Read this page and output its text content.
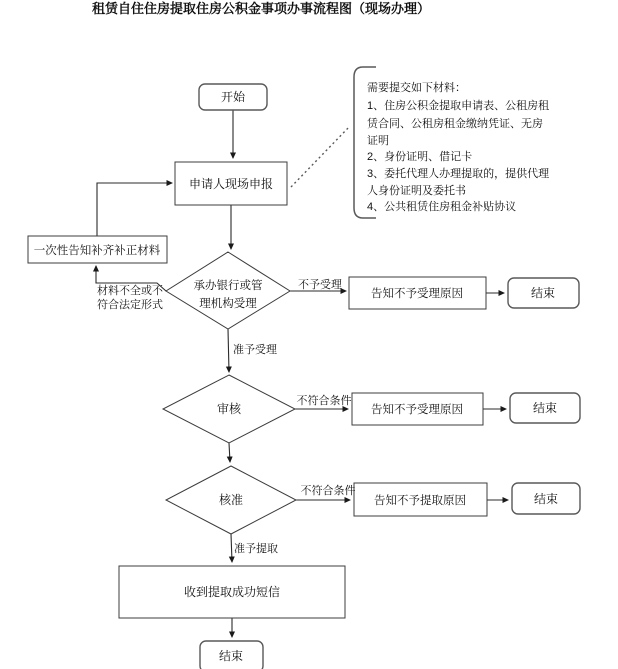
租赁自住住房提取住房公积金事项办事流程图（现场办理）
需要提交如下材料：
1、住房公积金提取申请表、公租房租
赁合同、公租房租金缴纳凭证、无房
证明
2、身份证明、借记卡
3、委托代理人办理提取的，提供代理
人身份证明及委托书
4、公共租赁住房租金补贴协议
开始
申请人现场申报
一次性告知补齐补正材料
承办银行或管
理机构受理
告知不予受理原因	结束
审核	告知不予受理原因	结束
核准	告知不予提取原因	结束
收到提取成功短信
结束
材料不全或不
符合法定形式
不予受理
准予受理
不符合条件
不符合条件
准予提取
